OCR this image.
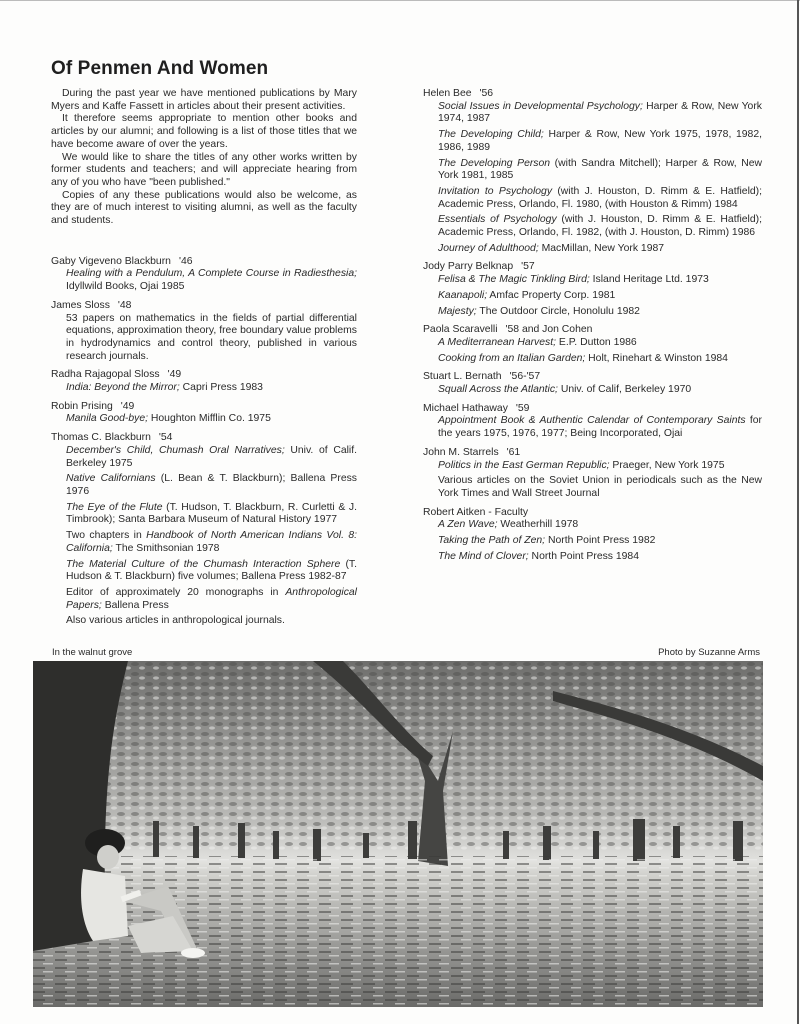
Of Penmen And Women

During the past year we have mentioned publications by Mary Myers and Kaffe Fassett in articles about their present activities.

It therefore seems appropriate to mention other books and articles by our alumni; and following is a list of those titles that we have become aware of over the years.

We would like to share the titles of any other works written by former students and teachers; and will appreciate hearing from any of you who have "been published."

Copies of any these publications would also be welcome, as they are of much interest to visiting alumni, as well as the faculty and students.

Gaby Vigeveno Blackburn '46
Healing with a Pendulum, A Complete Course in Radiesthesia; Idyllwild Books, Ojai 1985
James Sloss '48
53 papers on mathematics in the fields of partial differential equations, approximation theory, free boundary value problems in hydrodynamics and control theory, published in various research journals.
Radha Rajagopal Sloss '49
India: Beyond the Mirror; Capri Press 1983
Robin Prising '49
Manila Good-bye; Houghton Mifflin Co. 1975
Thomas C. Blackburn '54
December's Child, Chumash Oral Narratives; Univ. of Calif. Berkeley 1975
Native Californians (L. Bean & T. Blackburn); Ballena Press 1976
The Eye of the Flute (T. Hudson, T. Blackburn, R. Curletti & J. Timbrook); Santa Barbara Museum of Natural History 1977
Two chapters in Handbook of North American Indians Vol. 8: California; The Smithsonian 1978
The Material Culture of the Chumash Interaction Sphere (T. Hudson & T. Blackburn) five volumes; Ballena Press 1982-87
Editor of approximately 20 monographs in Anthropological Papers; Ballena Press
Also various articles in anthropological journals.
Helen Bee '56
Social Issues in Developmental Psychology; Harper & Row, New York 1974, 1987
The Developing Child; Harper & Row, New York 1975, 1978, 1982, 1986, 1989
The Developing Person (with Sandra Mitchell); Harper & Row, New York 1981, 1985
Invitation to Psychology (with J. Houston, D. Rimm & E. Hatfield); Academic Press, Orlando, Fl. 1980, (with Houston & Rimm) 1984
Essentials of Psychology (with J. Houston, D. Rimm & E. Hatfield); Academic Press, Orlando, Fl. 1982, (with J. Houston, D. Rimm) 1986
Journey of Adulthood; MacMillan, New York 1987
Jody Parry Belknap '57
Felisa & The Magic Tinkling Bird; Island Heritage Ltd. 1973
Kaanapoli; Amfac Property Corp. 1981
Majesty; The Outdoor Circle, Honolulu 1982
Paola Scaravelli '58 and Jon Cohen
A Mediterranean Harvest; E.P. Dutton 1986
Cooking from an Italian Garden; Holt, Rinehart & Winston 1984
Stuart L. Bernath '56-'57
Squall Across the Atlantic; Univ. of Calif, Berkeley 1970
Michael Hathaway '59
Appointment Book & Authentic Calendar of Contemporary Saints for the years 1975, 1976, 1977; Being Incorporated, Ojai
John M. Starrels '61
Politics in the East German Republic; Praeger, New York 1975
Various articles on the Soviet Union in periodicals such as the New York Times and Wall Street Journal
Robert Aitken - Faculty
A Zen Wave; Weatherhill 1978
Taking the Path of Zen; North Point Press 1982
The Mind of Clover; North Point Press 1984
In the walnut grove	Photo by Suzanne Arms
